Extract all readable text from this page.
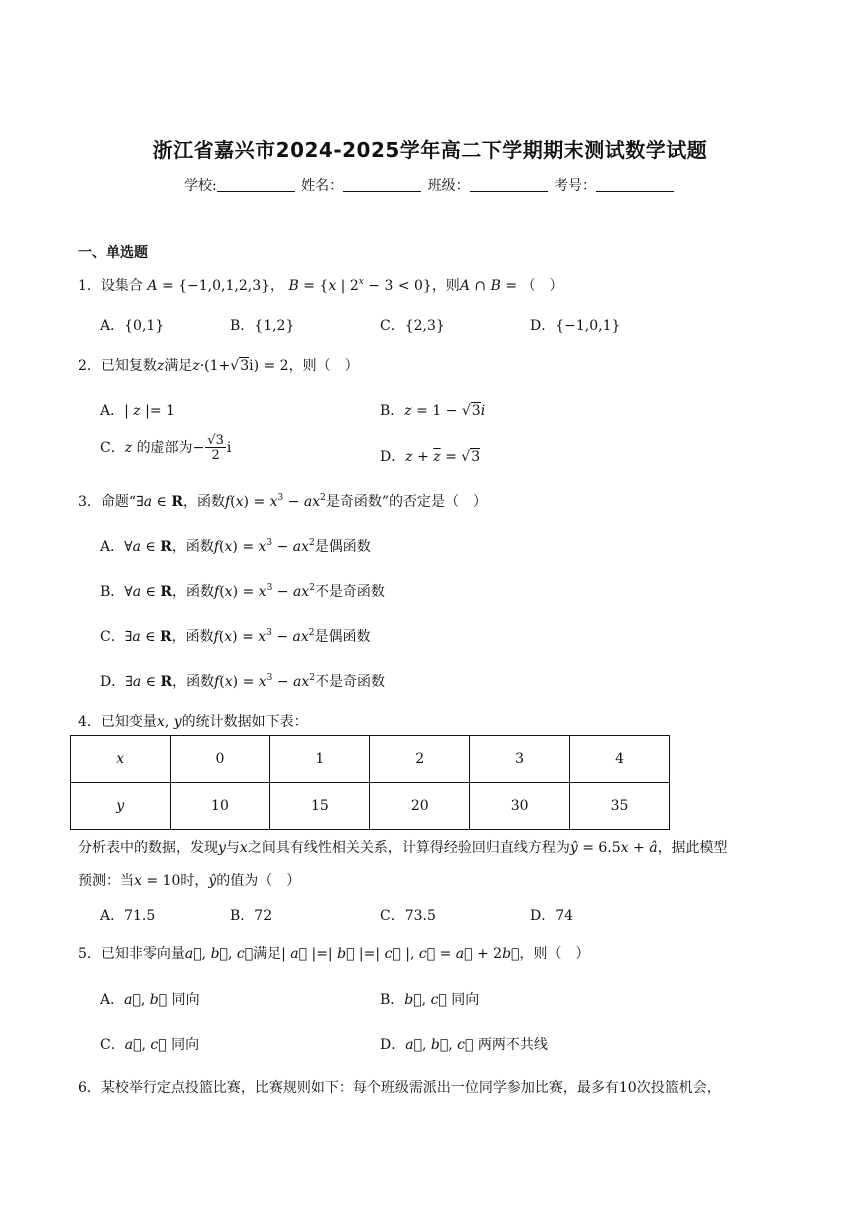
浙江省嘉兴市2024-2025学年高二下学期期末测试数学试题
学校:	姓名：	班级：	考号：
一、单选题
1．设集合 A = {−1,0,1,2,3}， B = {x | $2^x - 3 < 0$}，则A ∩ B = （　）
A．{0,1}	B．{1,2}	C．{2,3}	D．{−1,0,1}
2．已知复数z满足z·(1+√3i) = 2，则（　）
A．| z |= 1	B．z = 1 − √3i
C．z 的虚部为− $\frac{√3}{2}$ i
D．$z + \overline{z} = √3$
3．命题“∃a ∈ R，函数$f(x) = x^3 - ax^2$是奇函数”的否定是（　）
A．∀a ∈ R，函数$f(x) = x^3 - ax^2$是偶函数
B．∀a ∈ R，函数$f(x) = x^3 - ax^2$不是奇函数
C．∃a ∈ R，函数$f(x) = x^3 - ax^2$是偶函数
D．∃a ∈ R，函数$f(x) = x^3 - ax^2$不是奇函数
4．已知变量x, y的统计数据如下表：
x	0	1	2	3	4
y	10	15	20	30	35
分析表中的数据，发现y与x之间具有线性相关关系，计算得经验回归直线方程为ŷ = 6.5x + â，据此模型
预测：当x = 10时，ŷ的值为（　）
A．71.5	B．72	C．73.5	D．74
5．已知非零向量a⃗, b⃗, c⃗满足| a⃗ |=| b⃗ |=| c⃗ |, c⃗ = a⃗ + 2b⃗，则（　）
A．a⃗, b⃗ 同向	B．b⃗, c⃗ 同向
C．a⃗, c⃗ 同向	D．a⃗, b⃗, c⃗ 两两不共线
6．某校举行定点投篮比赛，比赛规则如下：每个班级需派出一位同学参加比赛，最多有10次投篮机会，
